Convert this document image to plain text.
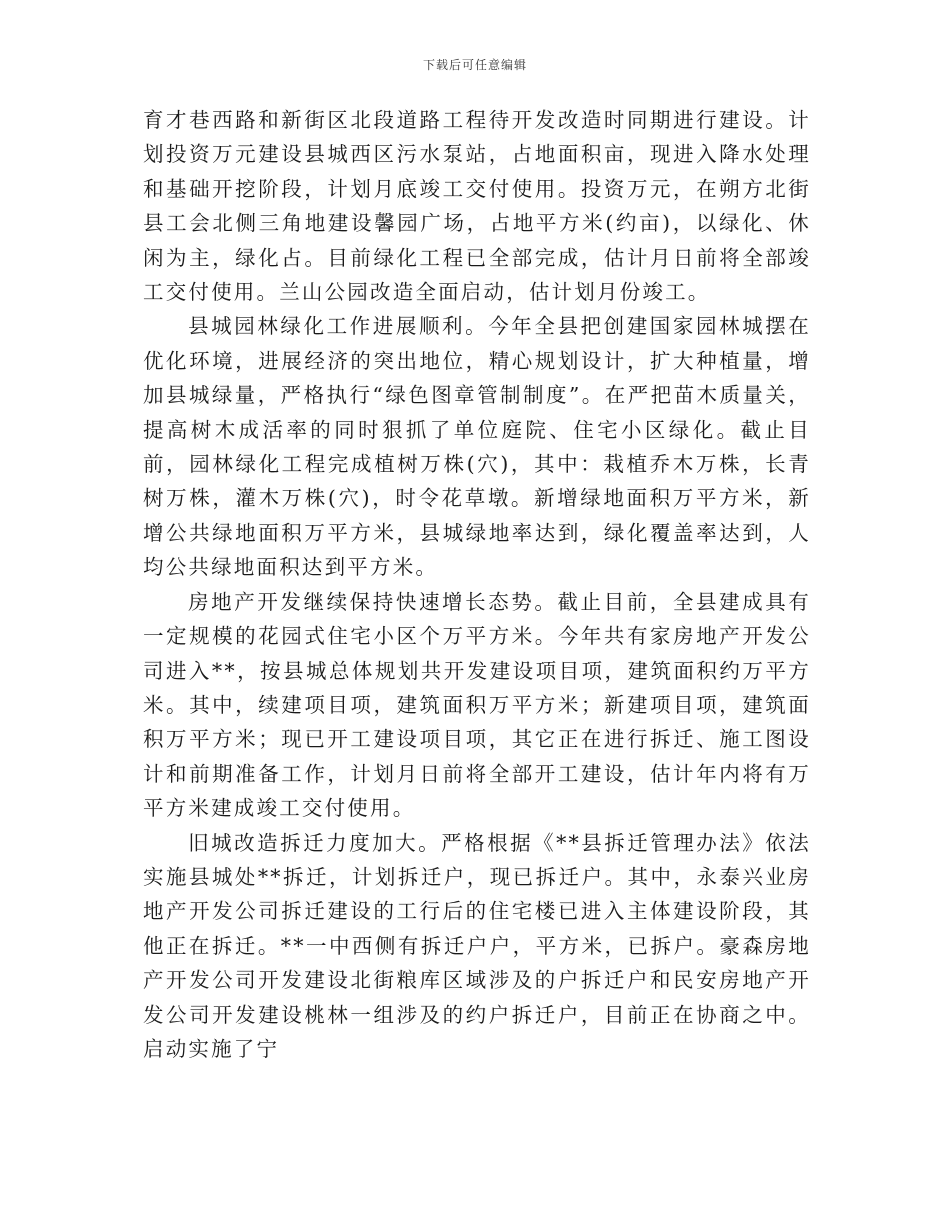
下载后可任意编辑

育才巷西路和新街区北段道路工程待开发改造时同期进行建设。计划投资万元建设县城西区污水泵站，占地面积亩，现进入降水处理和基础开挖阶段，计划月底竣工交付使用。投资万元，在朔方北街县工会北侧三角地建设馨园广场，占地平方米(约亩)，以绿化、休闲为主，绿化占。目前绿化工程已全部完成，估计月日前将全部竣工交付使用。兰山公园改造全面启动，估计划月份竣工。

县城园林绿化工作进展顺利。今年全县把创建国家园林城摆在优化环境，进展经济的突出地位，精心规划设计，扩大种植量，增加县城绿量，严格执行“绿色图章管制制度”。在严把苗木质量关，提高树木成活率的同时狠抓了单位庭院、住宅小区绿化。截止目前，园林绿化工程完成植树万株(穴)，其中：栽植乔木万株，长青树万株，灌木万株(穴)，时令花草墩。新增绿地面积万平方米，新增公共绿地面积万平方米，县城绿地率达到，绿化覆盖率达到，人均公共绿地面积达到平方米。

房地产开发继续保持快速增长态势。截止目前，全县建成具有一定规模的花园式住宅小区个万平方米。今年共有家房地产开发公司进入**，按县城总体规划共开发建设项目项，建筑面积约万平方米。其中，续建项目项，建筑面积万平方米；新建项目项，建筑面积万平方米；现已开工建设项目项，其它正在进行拆迁、施工图设计和前期准备工作，计划月日前将全部开工建设，估计年内将有万平方米建成竣工交付使用。

旧城改造拆迁力度加大。严格根据《**县拆迁管理办法》依法实施县城处**拆迁，计划拆迁户，现已拆迁户。其中，永泰兴业房地产开发公司拆迁建设的工行后的住宅楼已进入主体建设阶段，其他正在拆迁。**一中西侧有拆迁户户，平方米，已拆户。豪森房地产开发公司开发建设北街粮库区域涉及的户拆迁户和民安房地产开发公司开发建设桃林一组涉及的约户拆迁户，目前正在协商之中。启动实施了宁
